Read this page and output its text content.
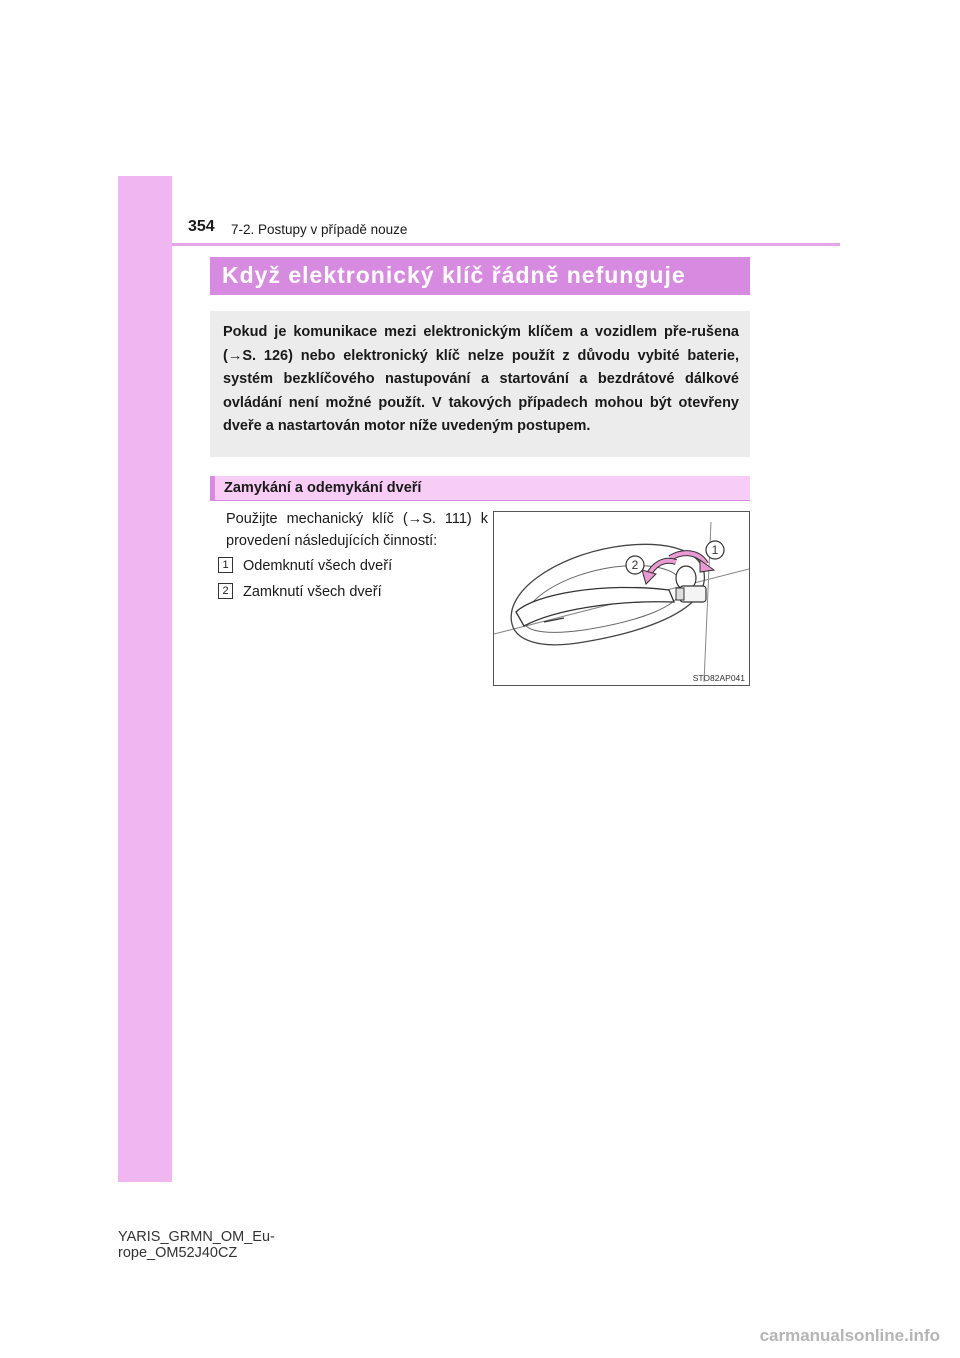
354 7-2. Postupy v případě nouze
Když elektronický klíč řádně nefunguje
Pokud je komunikace mezi elektronickým klíčem a vozidlem pře-rušena (→S. 126) nebo elektronický klíč nelze použít z důvodu vybité baterie, systém bezklíčového nastupování a startování a bezdrátové dálkové ovládání není možné použít. V takových případech mohou být otevřeny dveře a nastartován motor níže uvedeným postupem.
Zamykání a odemykání dveří
Použijte mechanický klíč (→S. 111) k provedení následujících činností:
1 Odemknutí všech dveří
2 Zamknutí všech dveří
1
2
STO82AP041
YARIS_GRMN_OM_Eu-
rope_OM52J40CZ
carmanualsonline.info
